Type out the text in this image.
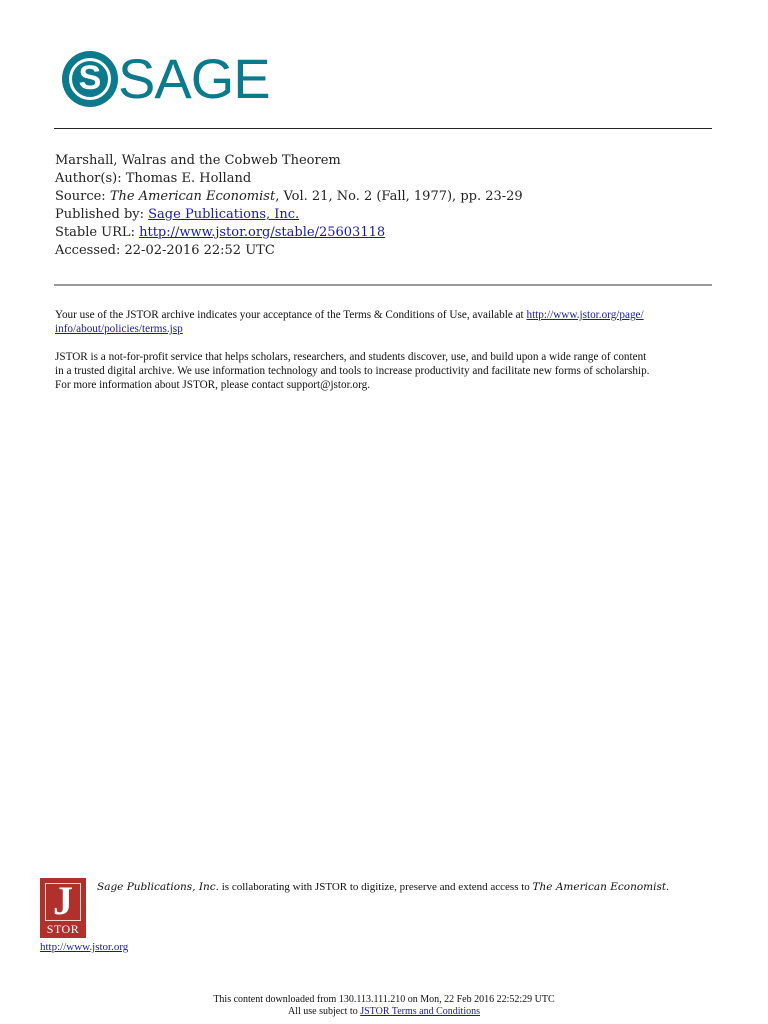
S SAGE
Marshall, Walras and the Cobweb Theorem
Author(s): Thomas E. Holland
Source: The American Economist, Vol. 21, No. 2 (Fall, 1977), pp. 23-29
Published by: Sage Publications, Inc.
Stable URL: http://www.jstor.org/stable/25603118
Accessed: 22-02-2016 22:52 UTC
Your use of the JSTOR archive indicates your acceptance of the Terms & Conditions of Use, available at http://www.jstor.org/page/
info/about/policies/terms.jsp
JSTOR is a not-for-profit service that helps scholars, researchers, and students discover, use, and build upon a wide range of content
in a trusted digital archive. We use information technology and tools to increase productivity and facilitate new forms of scholarship.
For more information about JSTOR, please contact support@jstor.org.
J
STOR
Sage Publications, Inc. is collaborating with JSTOR to digitize, preserve and extend access to The American Economist.
http://www.jstor.org
This content downloaded from 130.113.111.210 on Mon, 22 Feb 2016 22:52:29 UTC
All use subject to JSTOR Terms and Conditions
